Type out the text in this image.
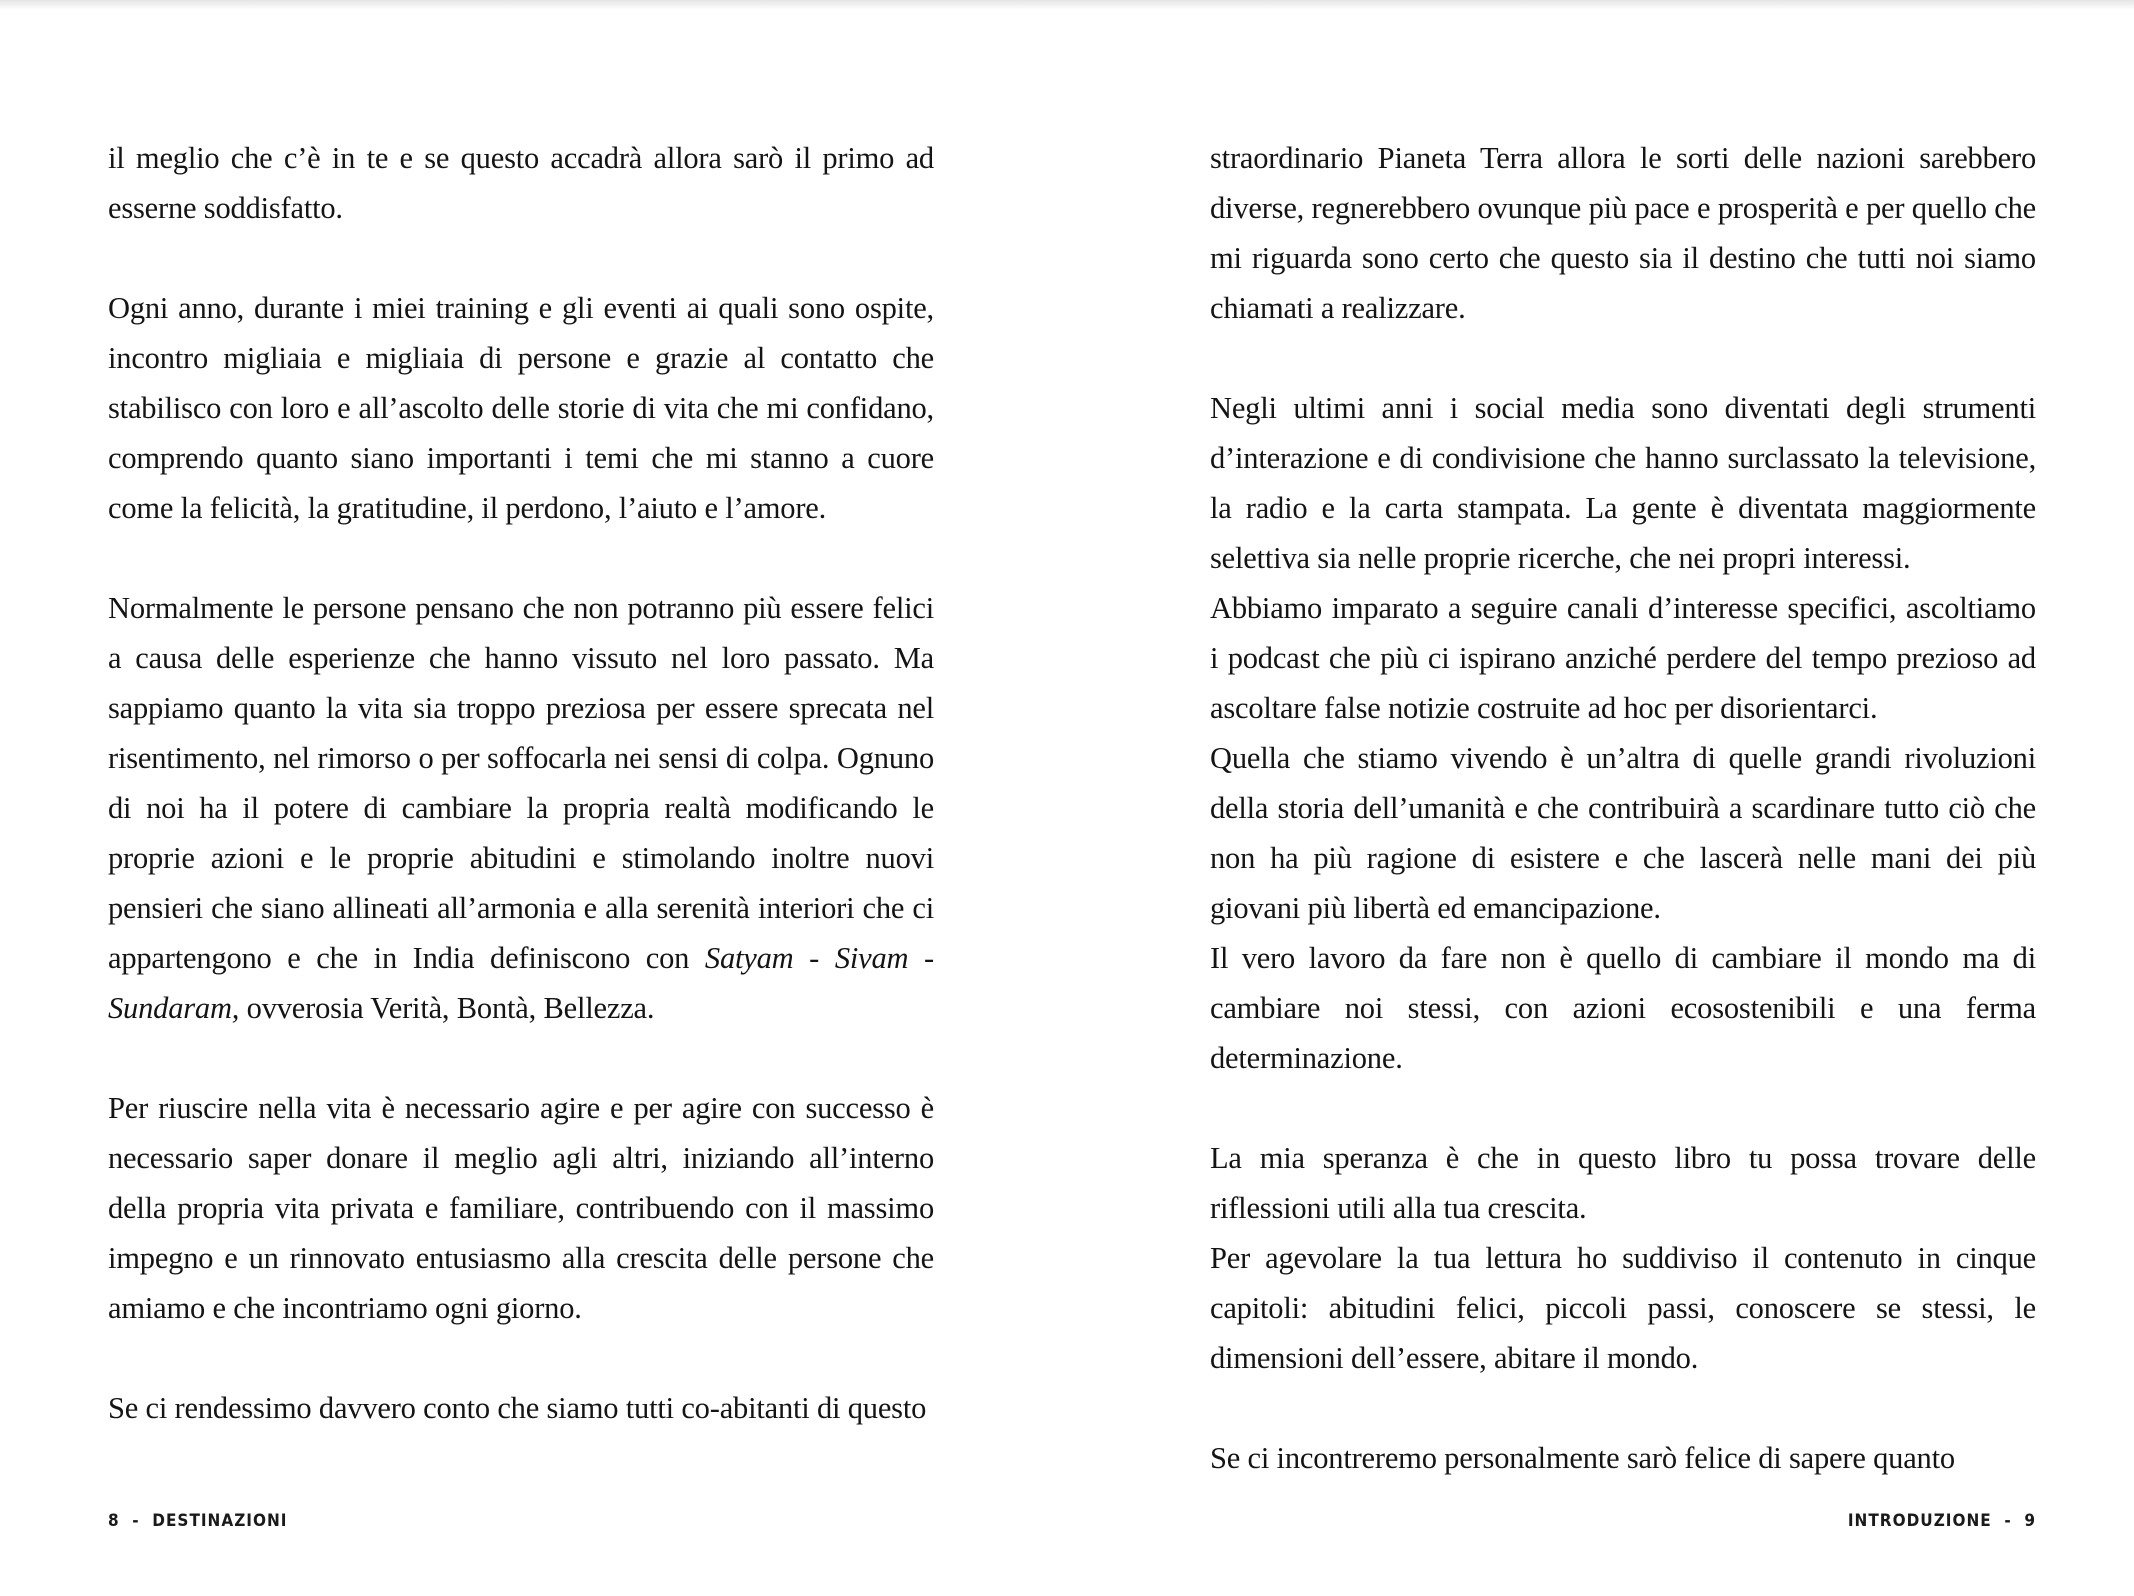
il meglio che c’è in te e se questo accadrà allora sarò il primo ad esserne soddisfatto.

Ogni anno, durante i miei training e gli eventi ai quali sono ospite, incontro migliaia e migliaia di persone e grazie al contatto che stabilisco con loro e all’ascolto delle storie di vita che mi confidano, comprendo quanto siano importanti i temi che mi stanno a cuore come la felicità, la gratitudine, il perdono, l’aiuto e l’amore.

Normalmente le persone pensano che non potranno più essere felici a causa delle esperienze che hanno vissuto nel loro passato. Ma sappiamo quanto la vita sia troppo preziosa per essere sprecata nel risentimento, nel rimorso o per soffocarla nei sensi di colpa. Ognuno di noi ha il potere di cambiare la propria realtà modificando le proprie azioni e le proprie abitudini e stimolando inoltre nuovi pensieri che siano allineati all’armonia e alla serenità interiori che ci appartengono e che in India definiscono con Satyam - Sivam - Sundaram, ovverosia Verità, Bontà, Bellezza.

Per riuscire nella vita è necessario agire e per agire con successo è necessario saper donare il meglio agli altri, iniziando all’interno della propria vita privata e familiare, contribuendo con il massimo impegno e un rinnovato entusiasmo alla crescita delle persone che amiamo e che incontriamo ogni giorno.

Se ci rendessimo davvero conto che siamo tutti co-abitanti di questo

straordinario Pianeta Terra allora le sorti delle nazioni sarebbero diverse, regnerebbero ovunque più pace e prosperità e per quello che mi riguarda sono certo che questo sia il destino che tutti noi siamo chiamati a realizzare.

Negli ultimi anni i social media sono diventati degli strumenti d’interazione e di condivisione che hanno surclassato la televisione, la radio e la carta stampata. La gente è diventata maggiormente selettiva sia nelle proprie ricerche, che nei propri interessi.

Abbiamo imparato a seguire canali d’interesse specifici, ascoltiamo i podcast che più ci ispirano anziché perdere del tempo prezioso ad ascoltare false notizie costruite ad hoc per disorientarci.

Quella che stiamo vivendo è un’altra di quelle grandi rivoluzioni della storia dell’umanità e che contribuirà a scardinare tutto ciò che non ha più ragione di esistere e che lascerà nelle mani dei più giovani più libertà ed emancipazione.

Il vero lavoro da fare non è quello di cambiare il mondo ma di cambiare noi stessi, con azioni ecosostenibili e una ferma determinazione.

La mia speranza è che in questo libro tu possa trovare delle riflessioni utili alla tua crescita.

Per agevolare la tua lettura ho suddiviso il contenuto in cinque capitoli: abitudini felici, piccoli passi, conoscere se stessi, le dimensioni dell’essere, abitare il mondo.

Se ci incontreremo personalmente sarò felice di sapere quanto

8  -  DESTINAZIONI	INTRODUZIONE  -  9
